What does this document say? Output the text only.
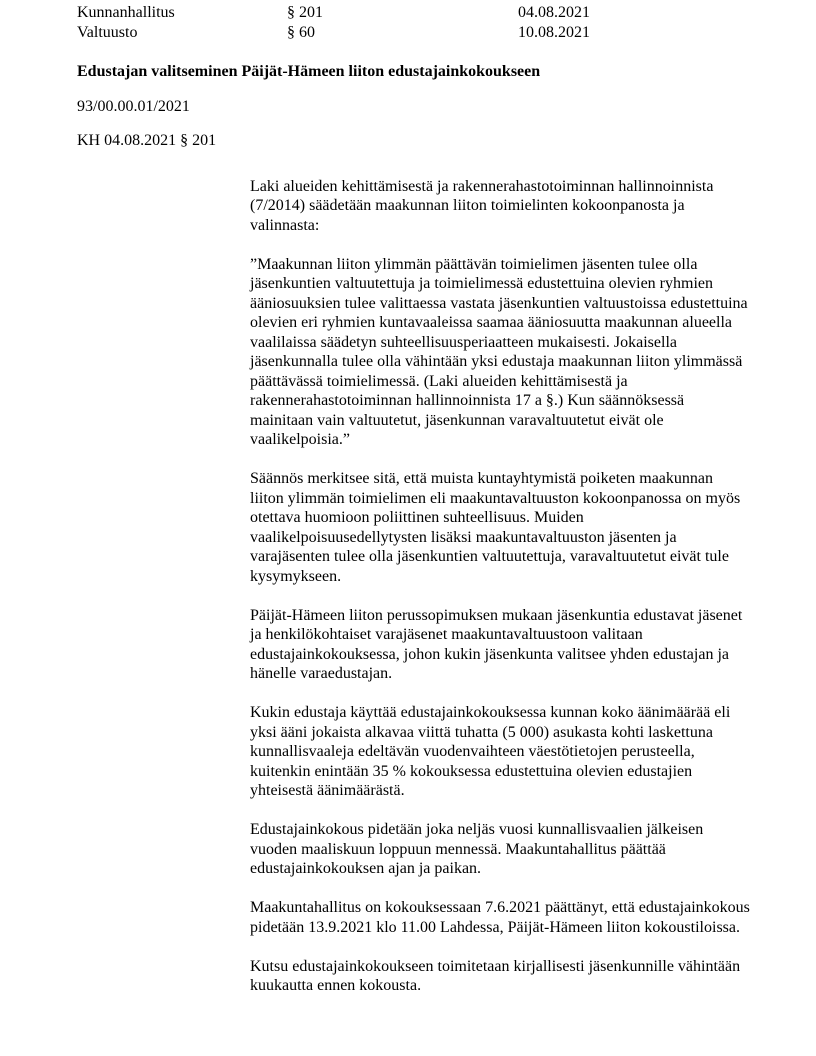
Kunnanhallitus	§ 201	04.08.2021
Valtuusto	§ 60	10.08.2021

Edustajan valitseminen Päijät-Hämeen liiton edustajainkokoukseen

93/00.00.01/2021

KH 04.08.2021 § 201

Laki alueiden kehittämisestä ja rakennerahastotoiminnan hallinnoinnista (7/2014) säädetään maakunnan liiton toimielinten kokoonpanosta ja valinnasta:

”Maakunnan liiton ylimmän päättävän toimielimen jäsenten tulee olla jäsenkuntien valtuutettuja ja toimielimessä edustettuina olevien ryhmien ääniosuuksien tulee valittaessa vastata jäsenkuntien valtuustoissa edustettuina olevien eri ryhmien kuntavaaleissa saamaa ääniosuutta maakunnan alueella vaalilaissa säädetyn suhteellisuusperiaatteen mukaisesti. Jokaisella jäsenkunnalla tulee olla vähintään yksi edustaja maakunnan liiton ylimmässä päättävässä toimielimessä. (Laki alueiden kehittämisestä ja rakennerahastotoiminnan hallinnoinnista 17 a §.) Kun säännöksessä mainitaan vain valtuutetut, jäsenkunnan varavaltuutetut eivät ole vaalikelpoisia.”

Säännös merkitsee sitä, että muista kuntayhtymistä poiketen maakunnan liiton ylimmän toimielimen eli maakuntavaltuuston kokoonpanossa on myös otettava huomioon poliittinen suhteellisuus. Muiden vaalikelpoisuusedellytysten lisäksi maakuntavaltuuston jäsenten ja varajäsenten tulee olla jäsenkuntien valtuutettuja, varavaltuutetut eivät tule kysymykseen.

Päijät-Hämeen liiton perussopimuksen mukaan jäsenkuntia edustavat jäsenet ja henkilökohtaiset varajäsenet maakuntavaltuustoon valitaan edustajainkokouksessa, johon kukin jäsenkunta valitsee yhden edustajan ja hänelle varaedustajan.

Kukin edustaja käyttää edustajainkokouksessa kunnan koko äänimäärää eli yksi ääni jokaista alkavaa viittä tuhatta (5 000) asukasta kohti laskettuna kunnallisvaaleja edeltävän vuodenvaihteen väestötietojen perusteella, kuitenkin enintään 35 % kokouksessa edustettuina olevien edustajien yhteisestä äänimäärästä.

Edustajainkokous pidetään joka neljäs vuosi kunnallisvaalien jälkeisen vuoden maaliskuun loppuun mennessä. Maakuntahallitus päättää edustajainkokouksen ajan ja paikan.

Maakuntahallitus on kokouksessaan 7.6.2021 päättänyt, että edustajainkokous pidetään 13.9.2021 klo 11.00 Lahdessa, Päijät-Hämeen liiton kokoustiloissa.

Kutsu edustajainkokoukseen toimitetaan kirjallisesti jäsenkunnille vähintään kuukautta ennen kokousta.
